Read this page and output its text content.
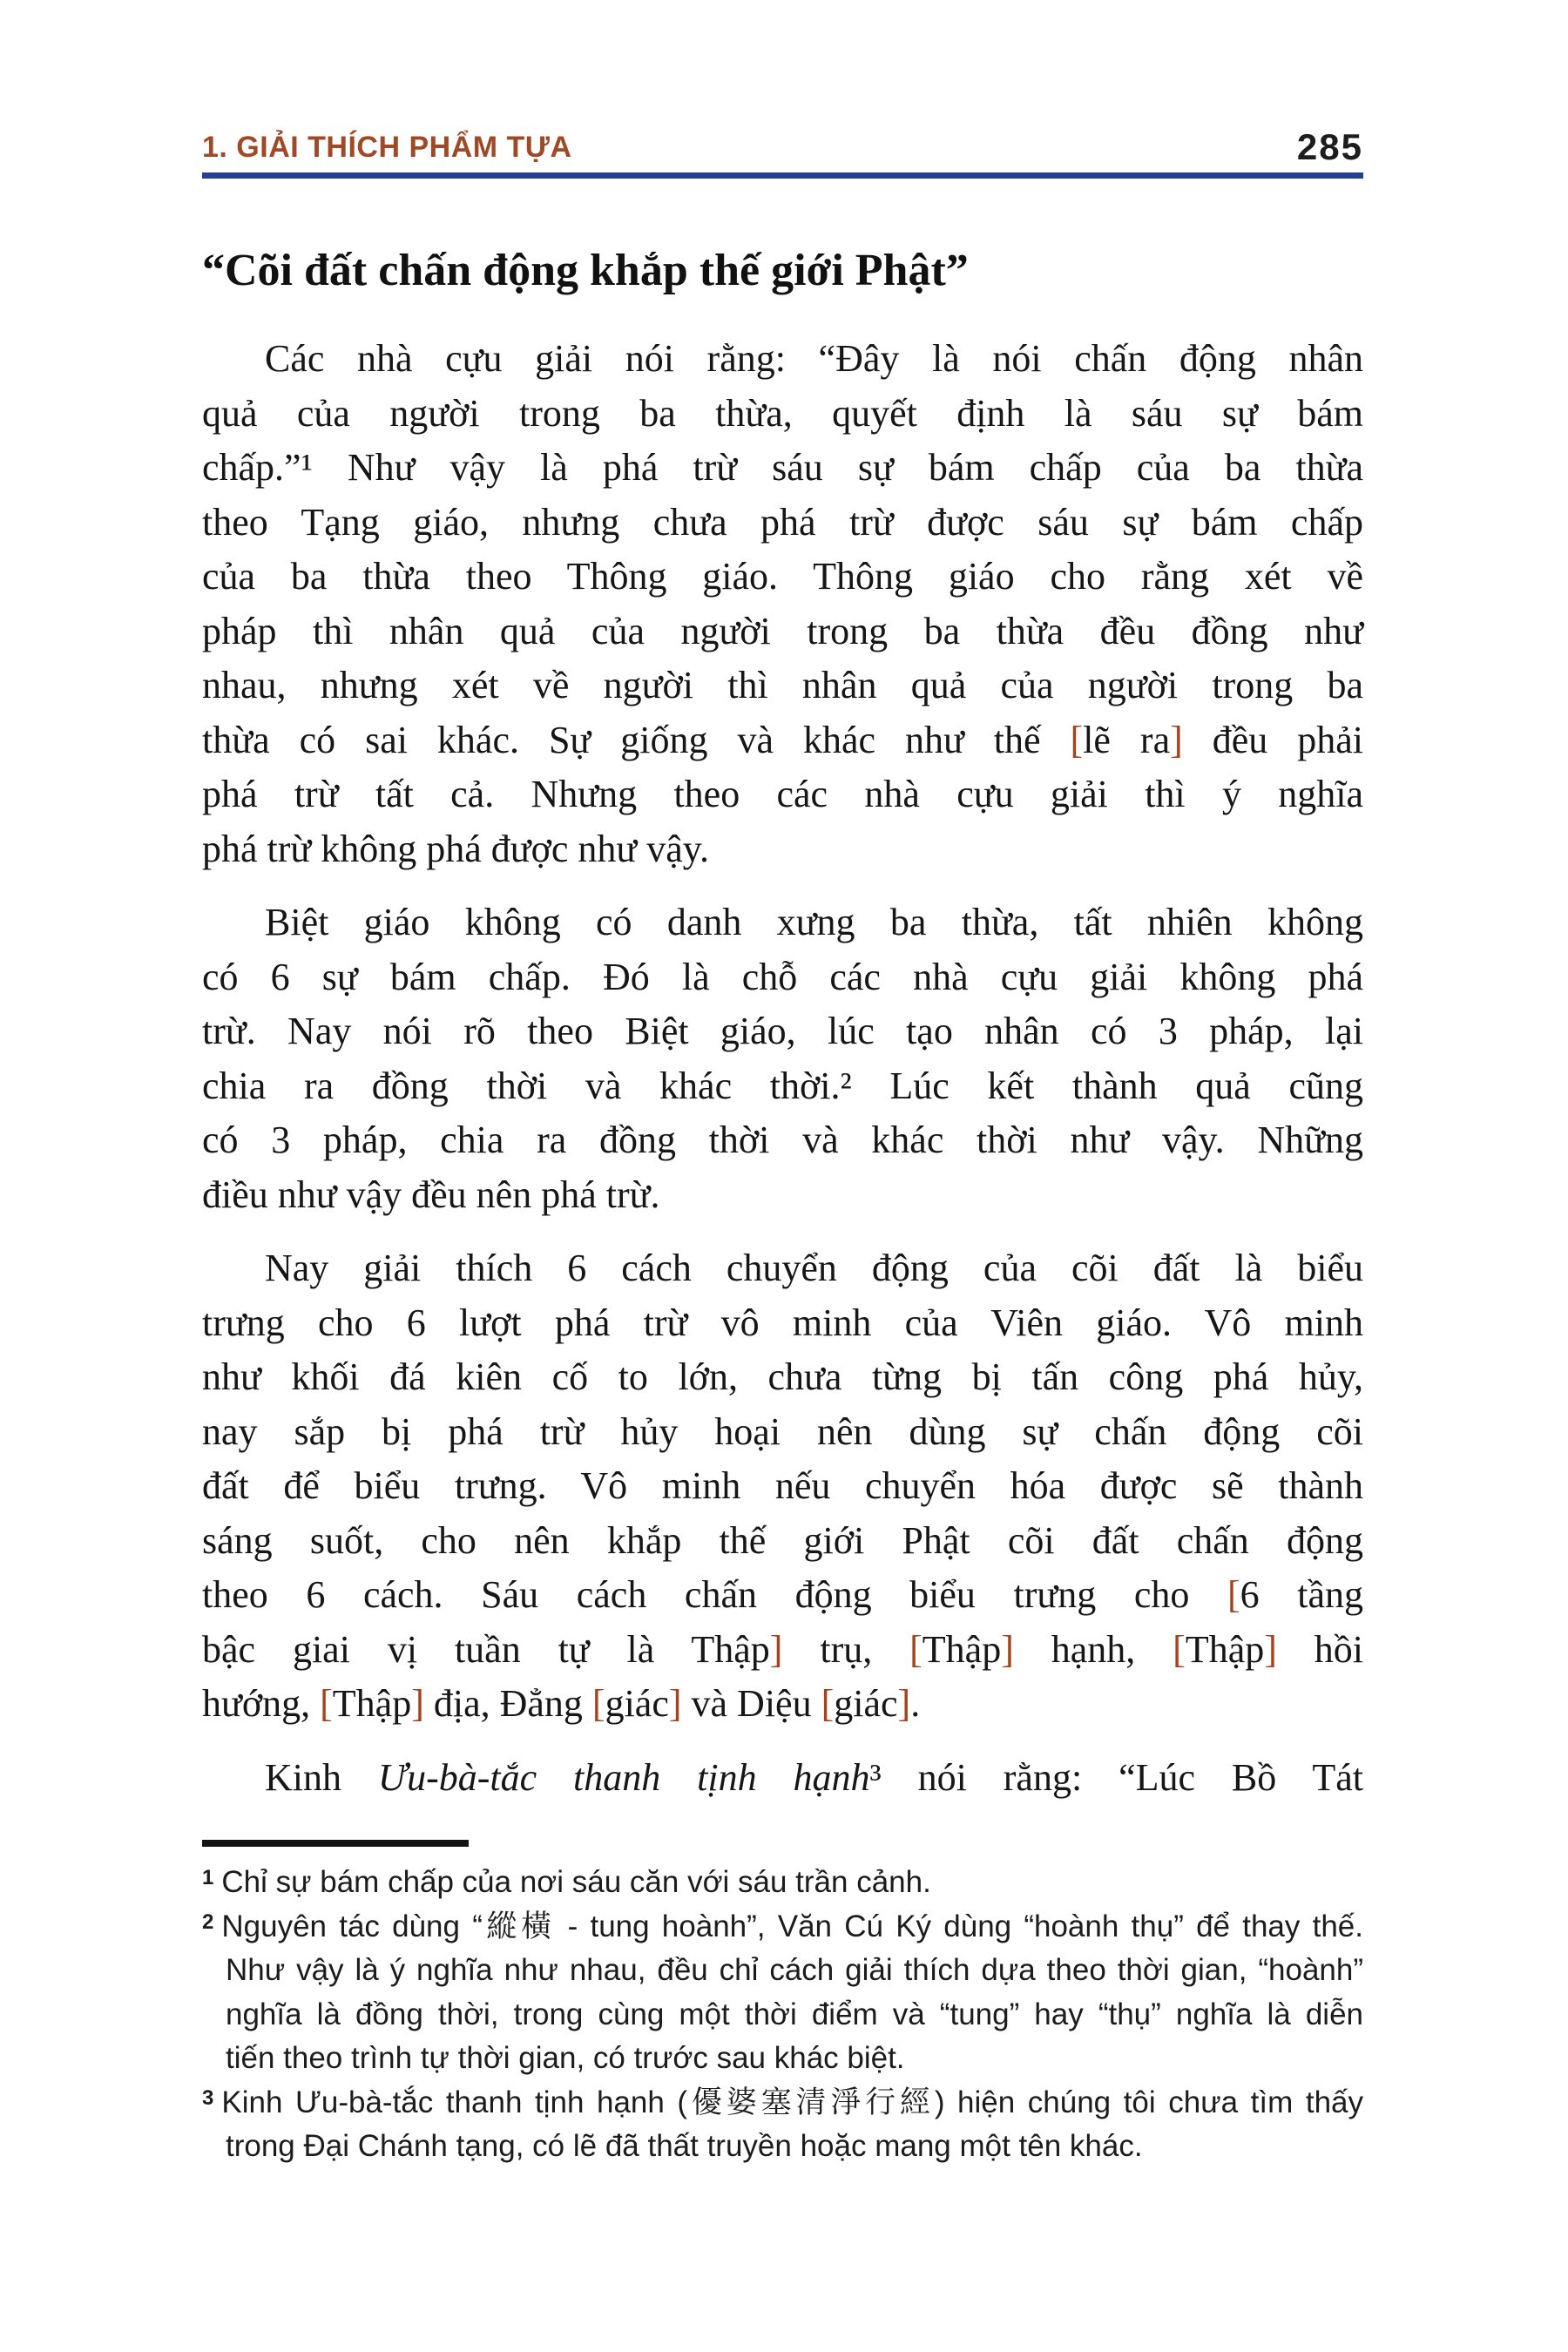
1. GIẢI THÍCH PHẨM TỰA	285
“Cõi đất chấn động khắp thế giới Phật”
Các nhà cựu giải nói rằng: “Đây là nói chấn động nhân
quả của người trong ba thừa, quyết định là sáu sự bám
chấp.”¹ Như vậy là phá trừ sáu sự bám chấp của ba thừa
theo Tạng giáo, nhưng chưa phá trừ được sáu sự bám chấp
của ba thừa theo Thông giáo. Thông giáo cho rằng xét về
pháp thì nhân quả của người trong ba thừa đều đồng như
nhau, nhưng xét về người thì nhân quả của người trong ba
thừa có sai khác. Sự giống và khác như thế [lẽ ra] đều phải
phá trừ tất cả. Nhưng theo các nhà cựu giải thì ý nghĩa
phá trừ không phá được như vậy.
Biệt giáo không có danh xưng ba thừa, tất nhiên không
có 6 sự bám chấp. Đó là chỗ các nhà cựu giải không phá
trừ. Nay nói rõ theo Biệt giáo, lúc tạo nhân có 3 pháp, lại
chia ra đồng thời và khác thời.² Lúc kết thành quả cũng
có 3 pháp, chia ra đồng thời và khác thời như vậy. Những
điều như vậy đều nên phá trừ.
Nay giải thích 6 cách chuyển động của cõi đất là biểu
trưng cho 6 lượt phá trừ vô minh của Viên giáo. Vô minh
như khối đá kiên cố to lớn, chưa từng bị tấn công phá hủy,
nay sắp bị phá trừ hủy hoại nên dùng sự chấn động cõi
đất để biểu trưng. Vô minh nếu chuyển hóa được sẽ thành
sáng suốt, cho nên khắp thế giới Phật cõi đất chấn động
theo 6 cách. Sáu cách chấn động biểu trưng cho [6 tầng
bậc giai vị tuần tự là Thập] trụ, [Thập] hạnh, [Thập] hồi
hướng, [Thập] địa, Đẳng [giác] và Diệu [giác].
Kinh Ưu-bà-tắc thanh tịnh hạnh³ nói rằng: “Lúc Bồ Tát
$^1$ Chỉ sự bám chấp của nơi sáu căn với sáu trần cảnh.
$^2$ Nguyên tác dùng “縱橫 - tung hoành”, Văn Cú Ký dùng “hoành thụ” để thay thế.
Như vậy là ý nghĩa như nhau, đều chỉ cách giải thích dựa theo thời gian, “hoành”
nghĩa là đồng thời, trong cùng một thời điểm và “tung” hay “thụ” nghĩa là diễn
tiến theo trình tự thời gian, có trước sau khác biệt.
$^3$ Kinh Ưu-bà-tắc thanh tịnh hạnh (優婆塞清淨行經) hiện chúng tôi chưa tìm thấy
trong Đại Chánh tạng, có lẽ đã thất truyền hoặc mang một tên khác.
